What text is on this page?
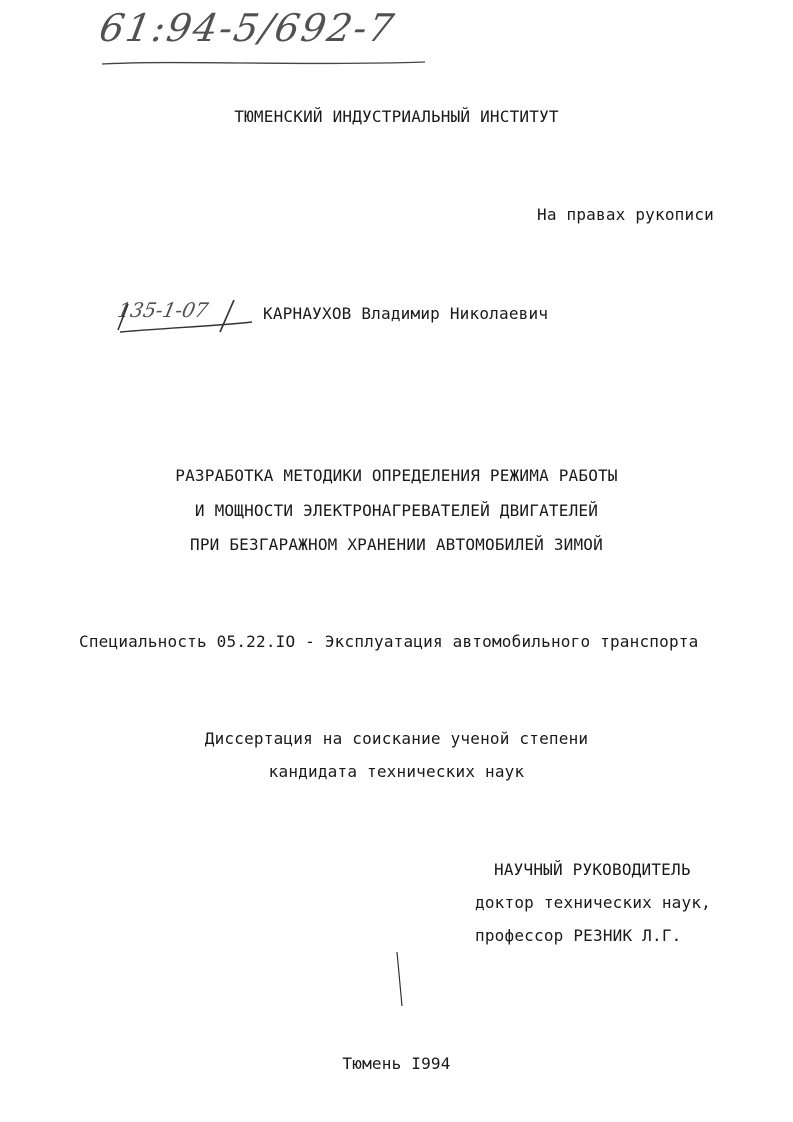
61:94-5/692-7
ТЮМЕНСКИЙ ИНДУСТРИАЛЬНЫЙ ИНСТИТУТ
На правах рукописи
135-1-07	КАРНАУХОВ Владимир Николаевич
РАЗРАБОТКА МЕТОДИКИ ОПРЕДЕЛЕНИЯ РЕЖИМА РАБОТЫ
И МОЩНОСТИ ЭЛЕКТРОНАГРЕВАТЕЛЕЙ ДВИГАТЕЛЕЙ
ПРИ БЕЗГАРАЖНОМ ХРАНЕНИИ АВТОМОБИЛЕЙ ЗИМОЙ
Специальность 05.22.IO - Эксплуатация автомобильного транспорта
Диссертация на соискание ученой степени
кандидата технических наук
НАУЧНЫЙ РУКОВОДИТЕЛЬ
доктор технических наук,
профессор РЕЗНИК Л.Г.
Тюмень I994
